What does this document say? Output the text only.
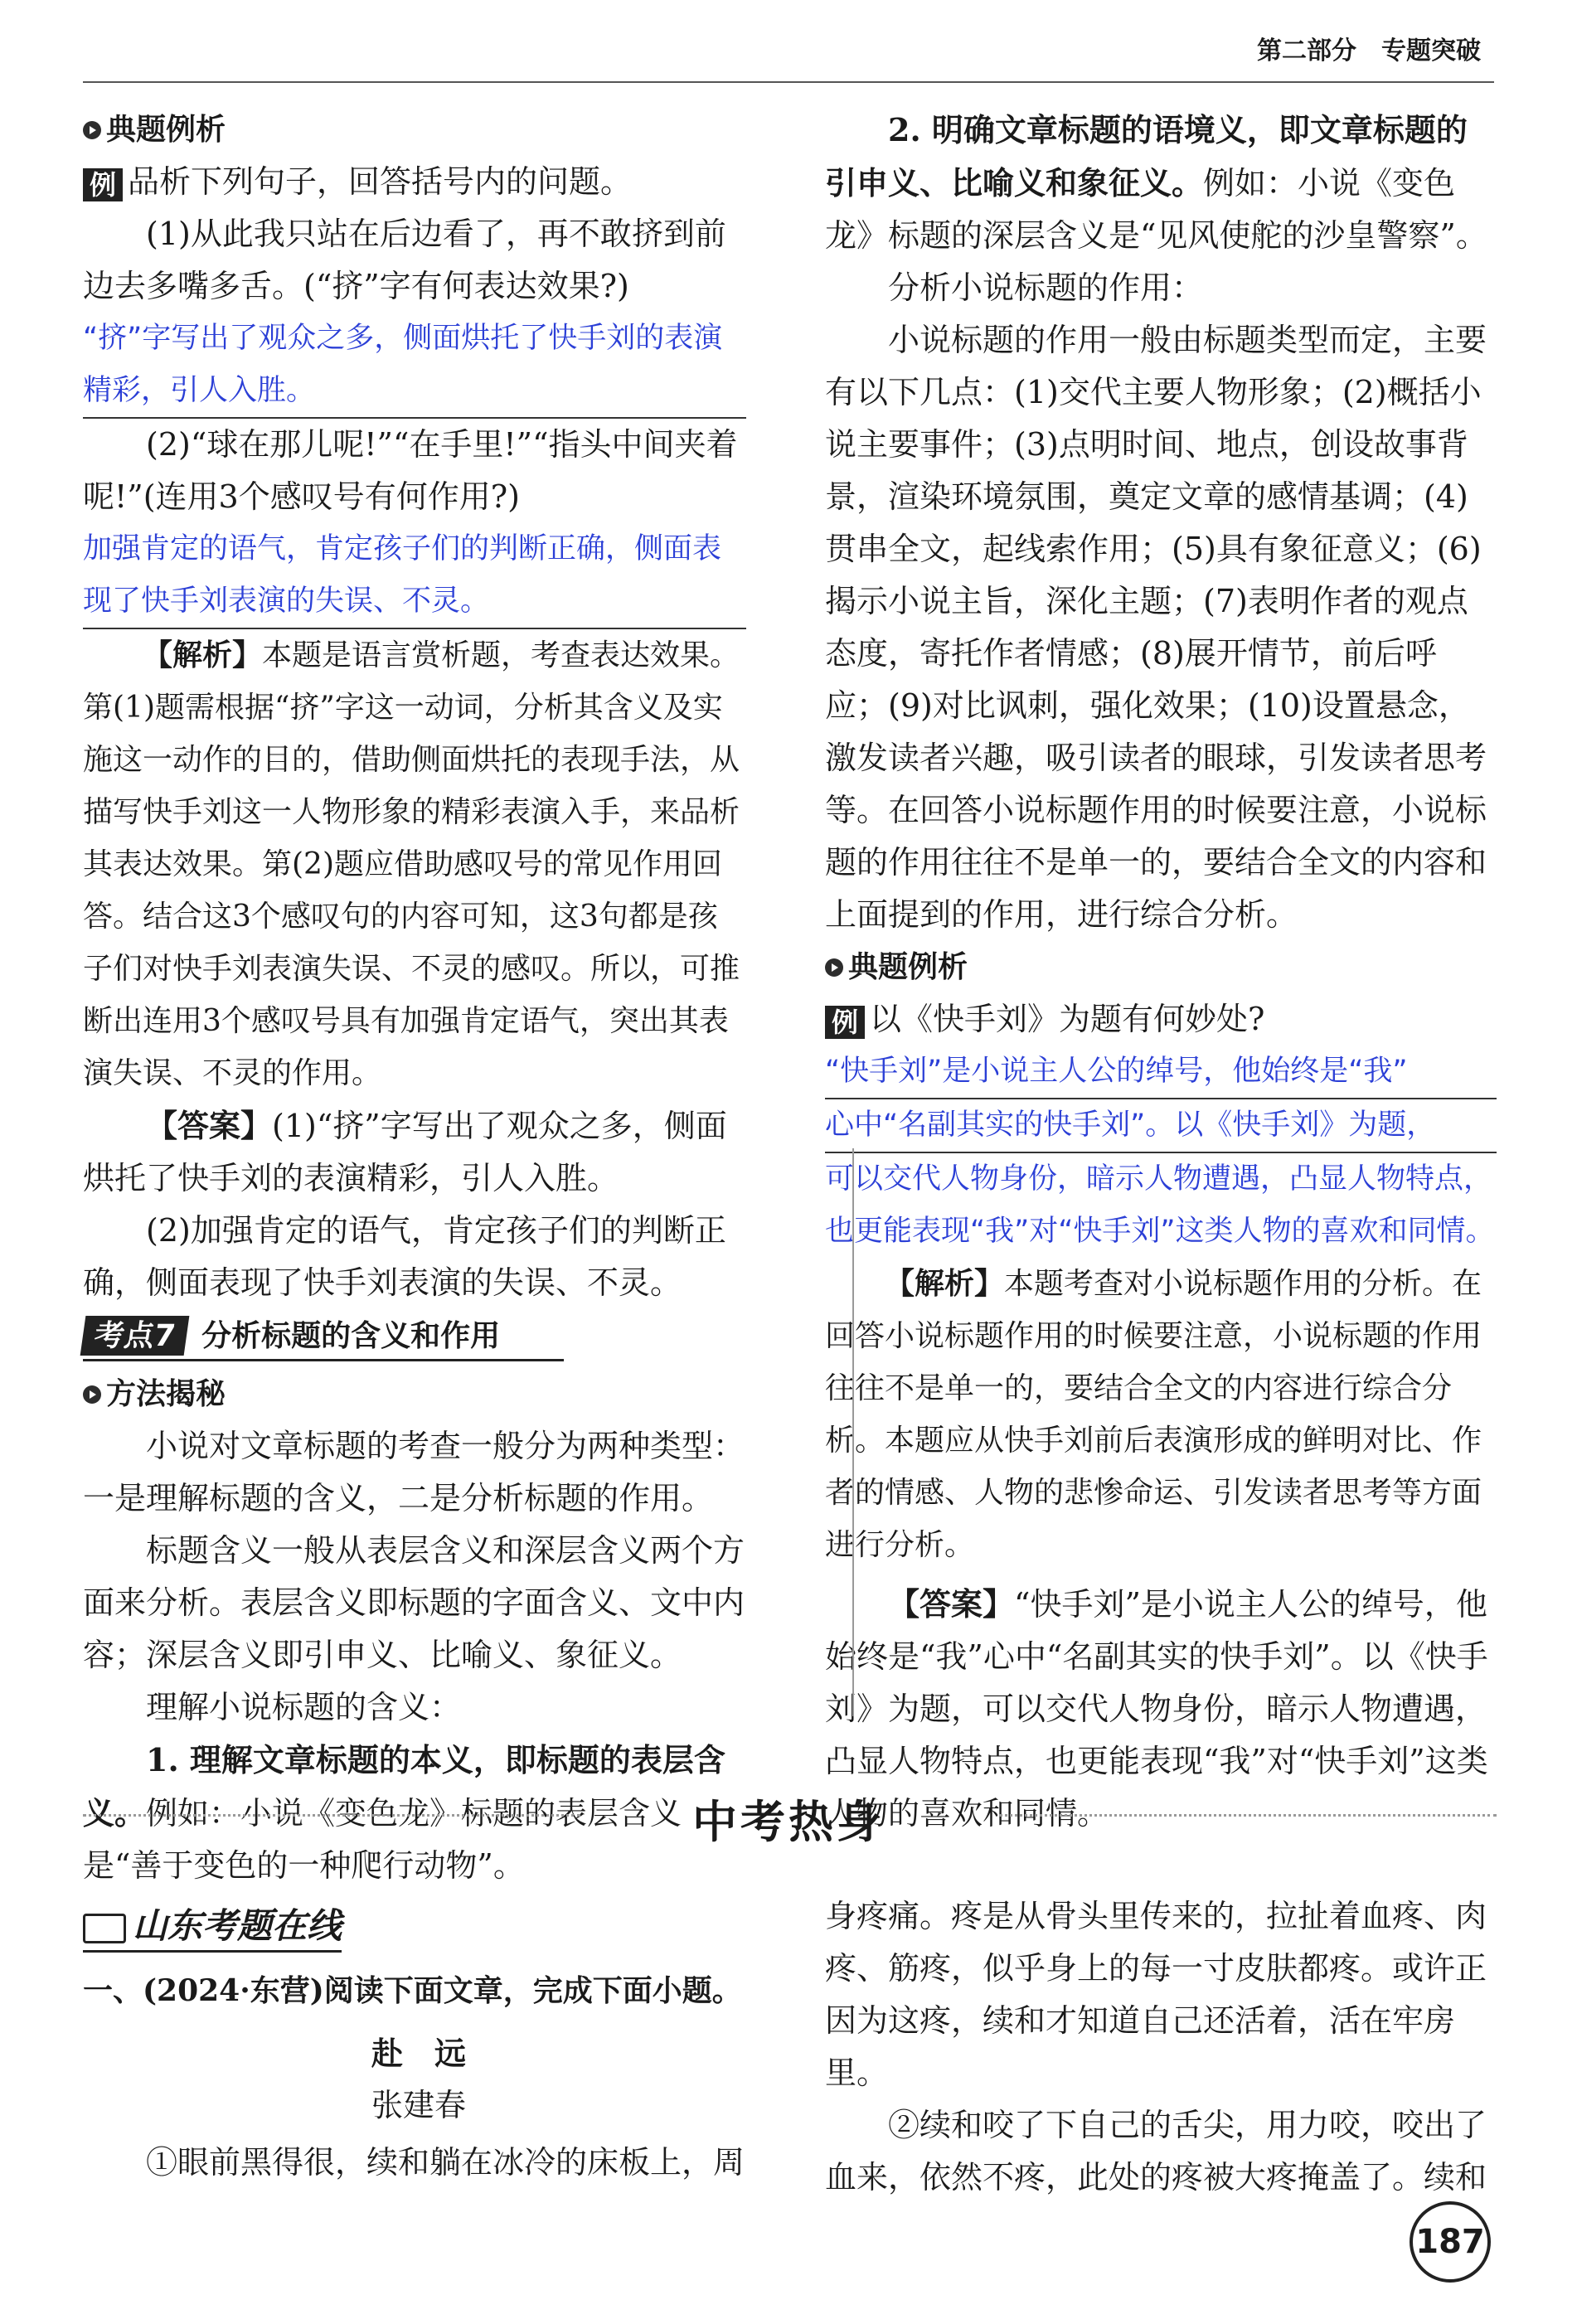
第二部分　专题突破
典题例析

例 品析下列句子，回答括号内的问题。

(1)从此我只站在后边看了，再不敢挤到前边去多嘴多舌。(“挤”字有何表达效果?)

“挤”字写出了观众之多，侧面烘托了快手刘的表演精彩，引人入胜。

(2)“球在那儿呢!”“在手里!”“指头中间夹着呢!”(连用3个感叹号有何作用?)

加强肯定的语气，肯定孩子们的判断正确，侧面表现了快手刘表演的失误、不灵。

【解析】本题是语言赏析题，考查表达效果。第(1)题需根据“挤”字这一动词，分析其含义及实施这一动作的目的，借助侧面烘托的表现手法，从描写快手刘这一人物形象的精彩表演入手，来品析其表达效果。第(2)题应借助感叹号的常见作用回答。结合这3个感叹句的内容可知，这3句都是孩子们对快手刘表演失误、不灵的感叹。所以，可推断出连用3个感叹号具有加强肯定语气，突出其表演失误、不灵的作用。

【答案】(1)“挤”字写出了观众之多，侧面烘托了快手刘的表演精彩，引人入胜。

(2)加强肯定的语气，肯定孩子们的判断正确，侧面表现了快手刘表演的失误、不灵。

考点7 分析标题的含义和作用
方法揭秘

小说对文章标题的考查一般分为两种类型：一是理解标题的含义，二是分析标题的作用。

标题含义一般从表层含义和深层含义两个方面来分析。表层含义即标题的字面含义、文中内容；深层含义即引申义、比喻义、象征义。

理解小说标题的含义：

1. 理解文章标题的本义，即标题的表层含义。例如：小说《变色龙》标题的表层含义是“善于变色的一种爬行动物”。

2. 明确文章标题的语境义，即文章标题的引申义、比喻义和象征义。例如：小说《变色龙》标题的深层含义是“见风使舵的沙皇警察”。

分析小说标题的作用：

小说标题的作用一般由标题类型而定，主要有以下几点：(1)交代主要人物形象；(2)概括小说主要事件；(3)点明时间、地点，创设故事背景，渲染环境氛围，奠定文章的感情基调；(4)贯串全文，起线索作用；(5)具有象征意义；(6)揭示小说主旨，深化主题；(7)表明作者的观点态度，寄托作者情感；(8)展开情节，前后呼应；(9)对比讽刺，强化效果；(10)设置悬念，激发读者兴趣，吸引读者的眼球，引发读者思考等。在回答小说标题作用的时候要注意，小说标题的作用往往不是单一的，要结合全文的内容和上面提到的作用，进行综合分析。

典题例析

例 以《快手刘》为题有何妙处?

“快手刘”是小说主人公的绰号，他始终是“我”
心中“名副其实的快手刘”。以《快手刘》为题，
可以交代人物身份，暗示人物遭遇，凸显人物特点，也更能表现“我”对“快手刘”这类人物的喜欢和同情。

【解析】本题考查对小说标题作用的分析。在回答小说标题作用的时候要注意，小说标题的作用往往不是单一的，要结合全文的内容进行综合分析。本题应从快手刘前后表演形成的鲜明对比、作者的情感、人物的悲惨命运、引发读者思考等方面进行分析。

【答案】“快手刘”是小说主人公的绰号，他始终是“我”心中“名副其实的快手刘”。以《快手刘》为题，可以交代人物身份，暗示人物遭遇，凸显人物特点，也更能表现“我”对“快手刘”这类人物的喜欢和同情。

中考热身
山东考题在线

一、(2024·东营)阅读下面文章，完成下面小题。

赴　远

张建春

①眼前黑得很，续和躺在冰冷的床板上，周

身疼痛。疼是从骨头里传来的，拉扯着血疼、肉疼、筋疼，似乎身上的每一寸皮肤都疼。或许正因为这疼，续和才知道自己还活着，活在牢房里。

②续和咬了下自己的舌尖，用力咬，咬出了血来，依然不疼，此处的疼被大疼掩盖了。续和

187
